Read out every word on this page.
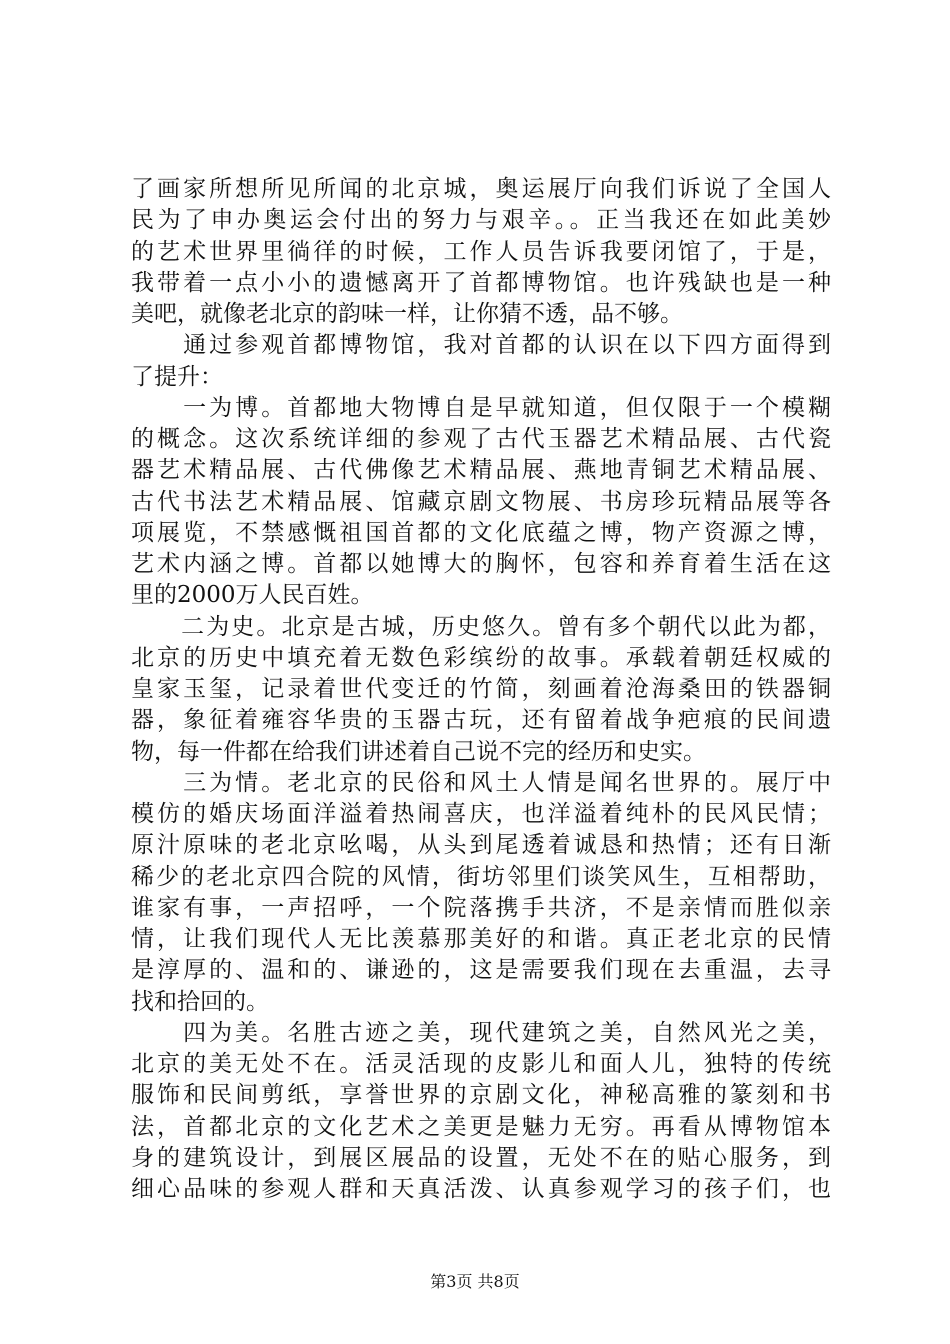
了画家所想所见所闻的北京城，奥运展厅向我们诉说了全国人
民为了申办奥运会付出的努力与艰辛。。正当我还在如此美妙
的艺术世界里徜徉的时候，工作人员告诉我要闭馆了，于是，
我带着一点小小的遗憾离开了首都博物馆。也许残缺也是一种
美吧，就像老北京的韵味一样，让你猜不透，品不够。
　　通过参观首都博物馆，我对首都的认识在以下四方面得到
了提升：
　　一为博。首都地大物博自是早就知道，但仅限于一个模糊
的概念。这次系统详细的参观了古代玉器艺术精品展、古代瓷
器艺术精品展、古代佛像艺术精品展、燕地青铜艺术精品展、
古代书法艺术精品展、馆藏京剧文物展、书房珍玩精品展等各
项展览，不禁感慨祖国首都的文化底蕴之博，物产资源之博，
艺术内涵之博。首都以她博大的胸怀，包容和养育着生活在这
里的2000万人民百姓。
　　二为史。北京是古城，历史悠久。曾有多个朝代以此为都，
北京的历史中填充着无数色彩缤纷的故事。承载着朝廷权威的
皇家玉玺，记录着世代变迁的竹简，刻画着沧海桑田的铁器铜
器，象征着雍容华贵的玉器古玩，还有留着战争疤痕的民间遗
物，每一件都在给我们讲述着自己说不完的经历和史实。
　　三为情。老北京的民俗和风土人情是闻名世界的。展厅中
模仿的婚庆场面洋溢着热闹喜庆，也洋溢着纯朴的民风民情；
原汁原味的老北京吆喝，从头到尾透着诚恳和热情；还有日渐
稀少的老北京四合院的风情，街坊邻里们谈笑风生，互相帮助，
谁家有事，一声招呼，一个院落携手共济，不是亲情而胜似亲
情，让我们现代人无比羡慕那美好的和谐。真正老北京的民情
是淳厚的、温和的、谦逊的，这是需要我们现在去重温，去寻
找和拾回的。
　　四为美。名胜古迹之美，现代建筑之美，自然风光之美，
北京的美无处不在。活灵活现的皮影儿和面人儿，独特的传统
服饰和民间剪纸，享誉世界的京剧文化，神秘高雅的篆刻和书
法，首都北京的文化艺术之美更是魅力无穷。再看从博物馆本
身的建筑设计，到展区展品的设置，无处不在的贴心服务，到
细心品味的参观人群和天真活泼、认真参观学习的孩子们，也
第3页 共8页
